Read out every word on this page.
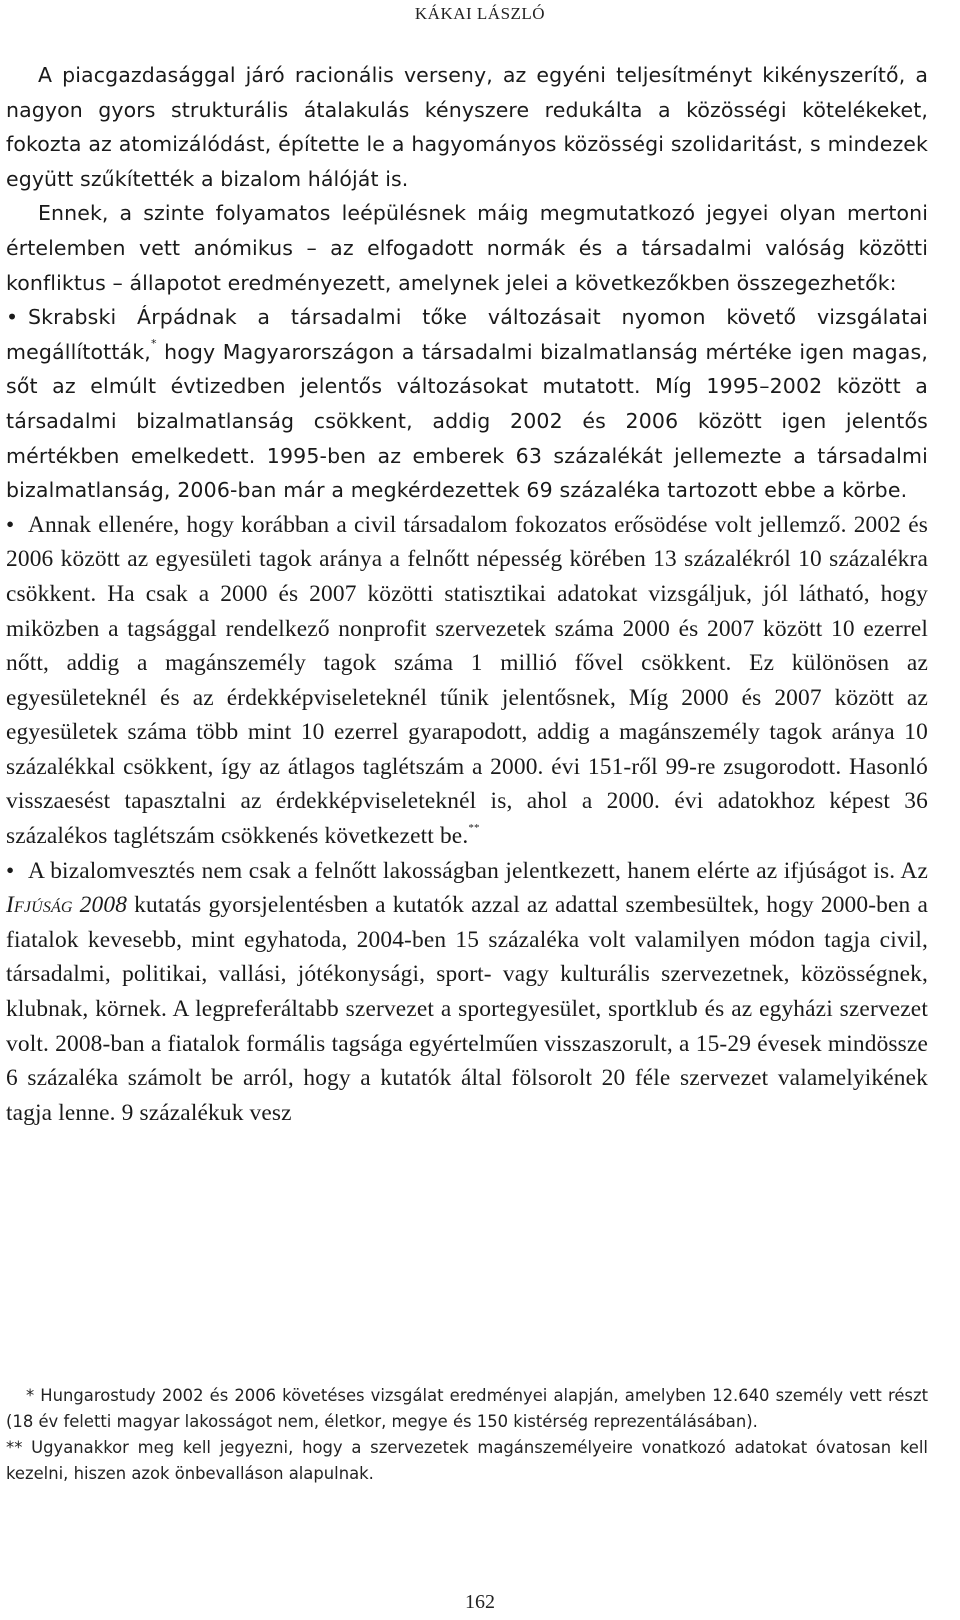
KÁKAI LÁSZLÓ

A piacgazdasággal járó racionális verseny, az egyéni teljesítményt kikényszerítő, a nagyon gyors strukturális átalakulás kényszere redukálta a közösségi kötelékeket, fokozta az atomizálódást, építette le a hagyományos közösségi szolidaritást, s mindezek együtt szűkítették a bizalom hálóját is.

Ennek, a szinte folyamatos leépülésnek máig megmutatkozó jegyei olyan mertoni értelemben vett anómikus – az elfogadott normák és a társadalmi valóság közötti konfliktus – állapotot eredményezett, amelynek jelei a következőkben összegezhetők:

• Skrabski Árpádnak a társadalmi tőke változásait nyomon követő vizsgálatai megállították,* hogy Magyarországon a társadalmi bizalmatlanság mértéke igen magas, sőt az elmúlt évtizedben jelentős változásokat mutatott. Míg 1995–2002 között a társadalmi bizalmatlanság csökkent, addig 2002 és 2006 között igen jelentős mértékben emelkedett. 1995-ben az emberek 63 százalékát jellemezte a társadalmi bizalmatlanság, 2006-ban már a megkérdezettek 69 százaléka tartozott ebbe a körbe.

• Annak ellenére, hogy korábban a civil társadalom fokozatos erősödése volt jellemző. 2002 és 2006 között az egyesületi tagok aránya a felnőtt népesség körében 13 százalékról 10 százalékra csökkent. Ha csak a 2000 és 2007 közötti statisztikai adatokat vizsgáljuk, jól látható, hogy miközben a tagsággal rendelkező nonprofit szervezetek száma 2000 és 2007 között 10 ezerrel nőtt, addig a magánszemély tagok száma 1 millió fővel csökkent. Ez különösen az egyesületeknél és az érdekképviseleteknél tűnik jelentősnek, Míg 2000 és 2007 között az egyesületek száma több mint 10 ezerrel gyarapodott, addig a magánszemély tagok aránya 10 százalékkal csökkent, így az átlagos taglétszám a 2000. évi 151-ről 99-re zsugorodott. Hasonló visszaesést tapasztalni az érdekképviseleteknél is, ahol a 2000. évi adatokhoz képest 36 százalékos taglétszám csökkenés következett be.**

• A bizalomvesztés nem csak a felnőtt lakosságban jelentkezett, hanem elérte az ifjúságot is. Az Ifjúság 2008 kutatás gyorsjelentésben a kutatók azzal az adattal szembesültek, hogy 2000-ben a fiatalok kevesebb, mint egyhatoda, 2004-ben 15 százaléka volt valamilyen módon tagja civil, társadalmi, politikai, vallási, jótékonysági, sport- vagy kulturális szervezetnek, közösségnek, klubnak, körnek. A legpreferáltabb szervezet a sportegyesület, sportklub és az egyházi szervezet volt. 2008-ban a fiatalok formális tagsága egyértelműen visszaszorult, a 15-29 évesek mindössze 6 százaléka számolt be arról, hogy a kutatók által fölsorolt 20 féle szervezet valamelyikének tagja lenne. 9 százalékuk vesz

* Hungarostudy 2002 és 2006 követéses vizsgálat eredményei alapján, amelyben 12.640 személy vett részt (18 év feletti magyar lakosságot nem, életkor, megye és 150 kistérség reprezentálásában).

** Ugyanakkor meg kell jegyezni, hogy a szervezetek magánszemélyeire vonatkozó adatokat óvatosan kell kezelni, hiszen azok önbevalláson alapulnak.

162
